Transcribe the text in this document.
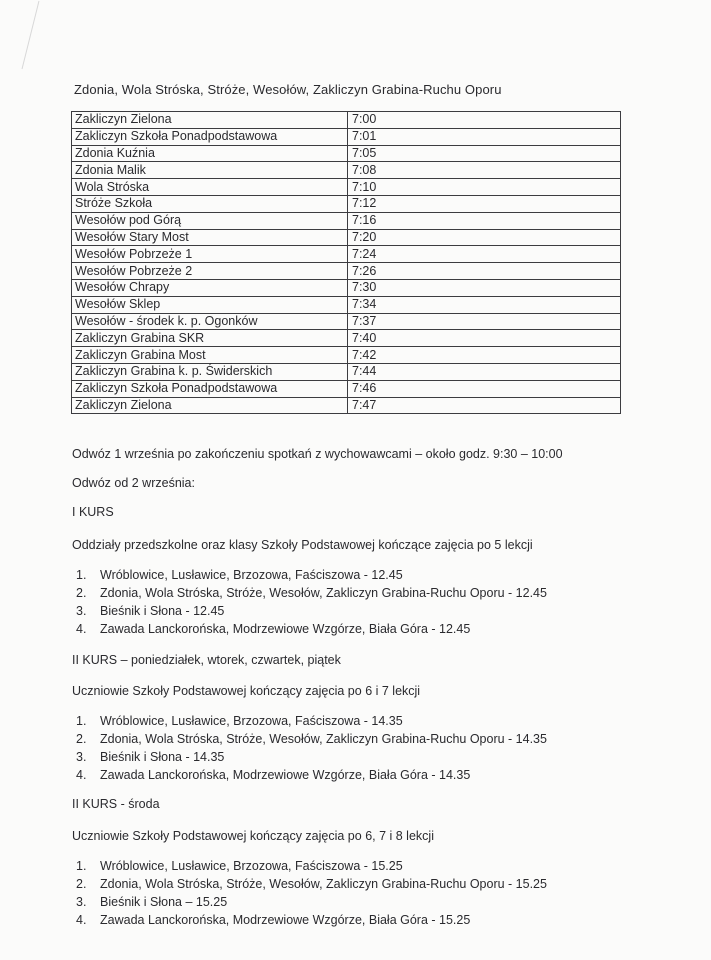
Zdonia, Wola Stróska, Stróże, Wesołów, Zakliczyn Grabina-Ruchu Oporu
Zakliczyn Zielona	7:00
Zakliczyn Szkoła Ponadpodstawowa	7:01
Zdonia Kuźnia	7:05
Zdonia Malik	7:08
Wola Stróska	7:10
Stróże Szkoła	7:12
Wesołów pod Górą	7:16
Wesołów Stary Most	7:20
Wesołów Pobrzeże 1	7:24
Wesołów Pobrzeże 2	7:26
Wesołów Chrapy	7:30
Wesołów Sklep	7:34
Wesołów - środek k. p. Ogonków	7:37
Zakliczyn Grabina SKR	7:40
Zakliczyn Grabina Most	7:42
Zakliczyn Grabina k. p. Świderskich	7:44
Zakliczyn Szkoła Ponadpodstawowa	7:46
Zakliczyn Zielona	7:47
Odwóz 1 września po zakończeniu spotkań z wychowawcami – około godz. 9:30 – 10:00
Odwóz od 2 września:
I KURS
Oddziały przedszkolne oraz klasy Szkoły Podstawowej kończące zajęcia po 5 lekcji
1. Wróblowice, Lusławice, Brzozowa, Faściszowa - 12.45
2. Zdonia, Wola Stróska, Stróże, Wesołów, Zakliczyn Grabina-Ruchu Oporu - 12.45
3. Bieśnik i Słona - 12.45
4. Zawada Lanckorońska, Modrzewiowe Wzgórze, Biała Góra - 12.45
II KURS – poniedziałek, wtorek, czwartek, piątek
Uczniowie Szkoły Podstawowej kończący zajęcia po 6 i 7 lekcji
1. Wróblowice, Lusławice, Brzozowa, Faściszowa - 14.35
2. Zdonia, Wola Stróska, Stróże, Wesołów, Zakliczyn Grabina-Ruchu Oporu - 14.35
3. Bieśnik i Słona - 14.35
4. Zawada Lanckorońska, Modrzewiowe Wzgórze, Biała Góra - 14.35
II KURS - środa
Uczniowie Szkoły Podstawowej kończący zajęcia po 6, 7 i 8 lekcji
1. Wróblowice, Lusławice, Brzozowa, Faściszowa - 15.25
2. Zdonia, Wola Stróska, Stróże, Wesołów, Zakliczyn Grabina-Ruchu Oporu - 15.25
3. Bieśnik i Słona – 15.25
4. Zawada Lanckorońska, Modrzewiowe Wzgórze, Biała Góra - 15.25
